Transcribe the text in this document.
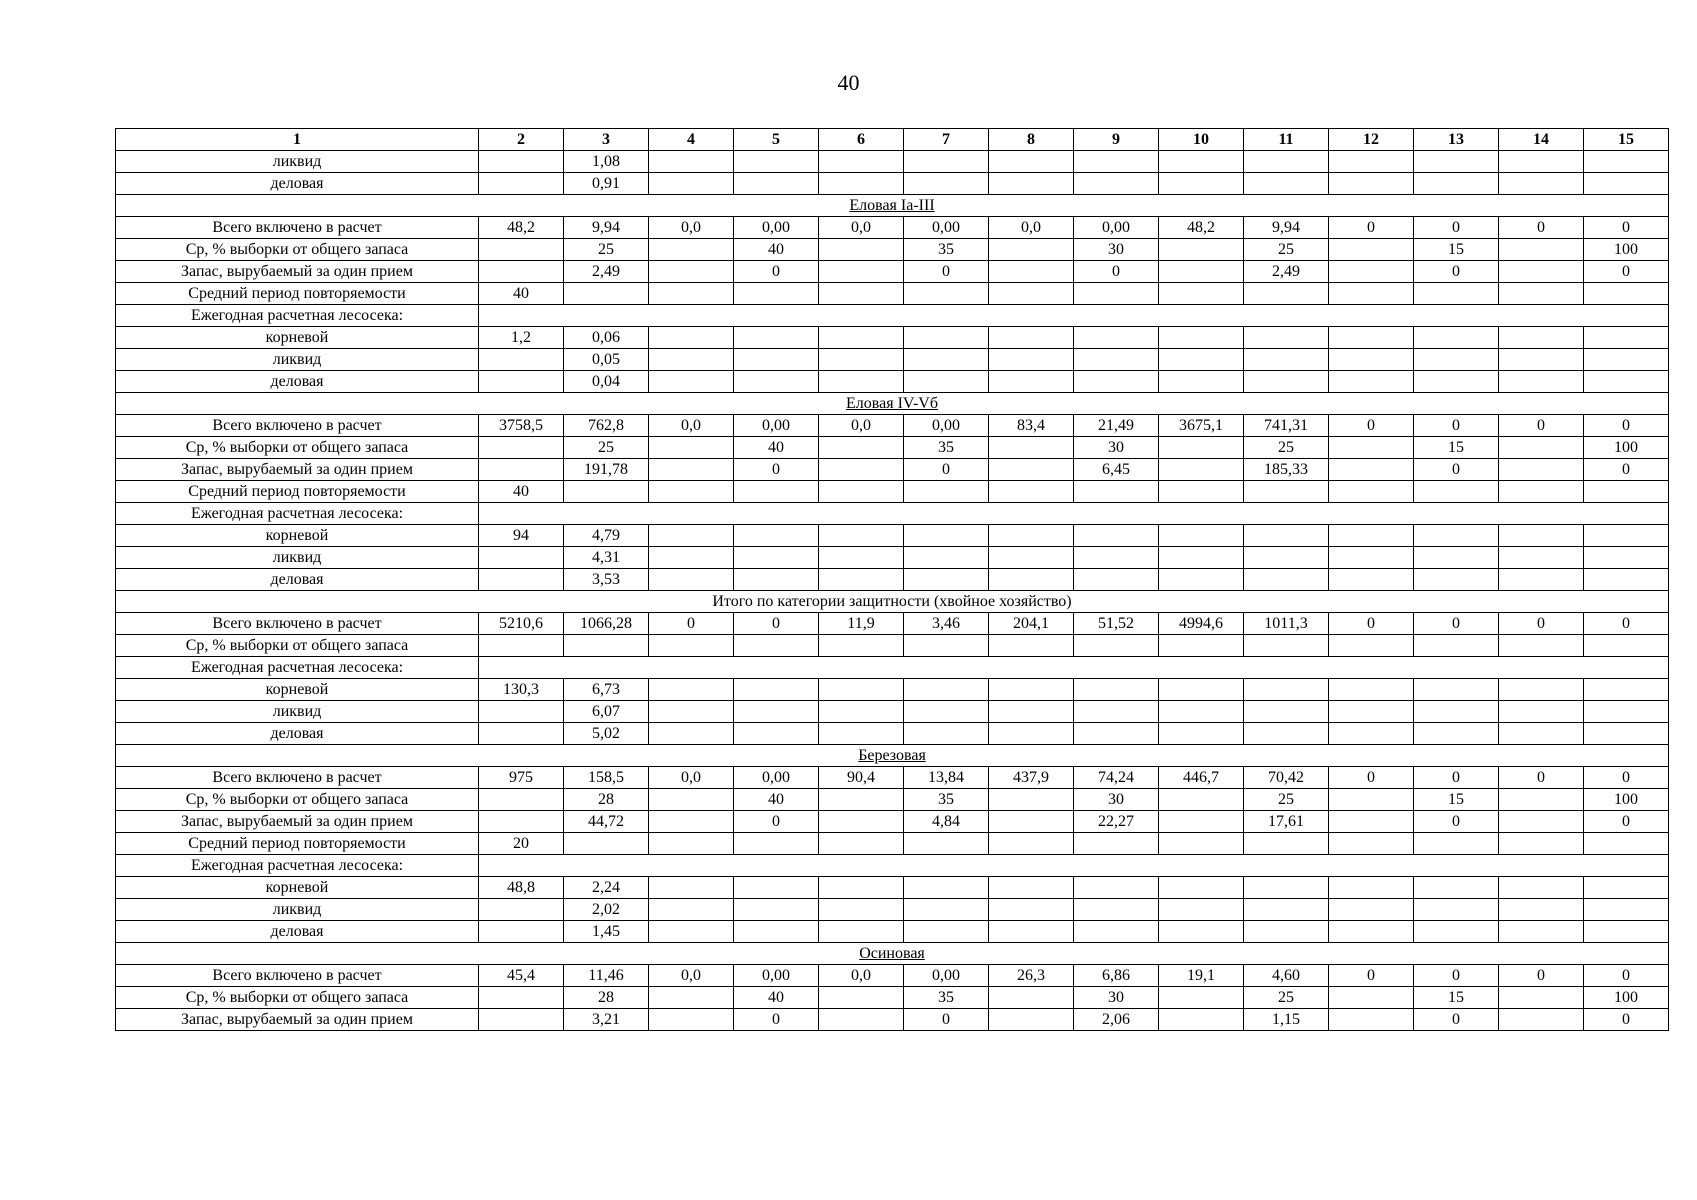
40
1	2	3	4	5	6	7	8	9	10	11	12	13	14	15
ликвид		1,08												
деловая		0,91												
Еловая Ia-III														
Всего включено в расчет	48,2	9,94	0,0	0,00	0,0	0,00	0,0	0,00	48,2	9,94	0	0	0	0
Ср, % выборки от общего запаса		25		40		35		30		25		15		100
Запас, вырубаемый за один прием		2,49		0		0		0		2,49		0		0
Средний период повторяемости	40													
Ежегодная расчетная лесосека:														
корневой	1,2	0,06												
ликвид		0,05												
деловая		0,04												
Еловая IV-Vб														
Всего включено в расчет	3758,5	762,8	0,0	0,00	0,0	0,00	83,4	21,49	3675,1	741,31	0	0	0	0
Ср, % выборки от общего запаса		25		40		35		30		25		15		100
Запас, вырубаемый за один прием		191,78		0		0		6,45		185,33		0		0
Средний период повторяемости	40													
Ежегодная расчетная лесосека:														
корневой	94	4,79												
ликвид		4,31												
деловая		3,53												
Итого по категории защитности (хвойное хозяйство)														
Всего включено в расчет	5210,6	1066,28	0	0	11,9	3,46	204,1	51,52	4994,6	1011,3	0	0	0	0
Ср, % выборки от общего запаса														
Ежегодная расчетная лесосека:														
корневой	130,3	6,73												
ликвид		6,07												
деловая		5,02												
Березовая														
Всего включено в расчет	975	158,5	0,0	0,00	90,4	13,84	437,9	74,24	446,7	70,42	0	0	0	0
Ср, % выборки от общего запаса		28		40		35		30		25		15		100
Запас, вырубаемый за один прием		44,72		0		4,84		22,27		17,61		0		0
Средний период повторяемости	20													
Ежегодная расчетная лесосека:														
корневой	48,8	2,24												
ликвид		2,02												
деловая		1,45												
Осиновая														
Всего включено в расчет	45,4	11,46	0,0	0,00	0,0	0,00	26,3	6,86	19,1	4,60	0	0	0	0
Ср, % выборки от общего запаса		28		40		35		30		25		15		100
Запас, вырубаемый за один прием		3,21		0		0		2,06		1,15		0		0
